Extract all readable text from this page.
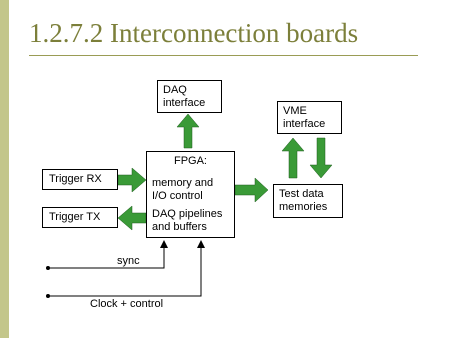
1.2.7.2 Interconnection boards
DAQ interface
VME interface
FPGA:
memory and I/O control
DAQ pipelines and buffers
Trigger RX
Trigger TX
Test data memories
sync
Clock + control
